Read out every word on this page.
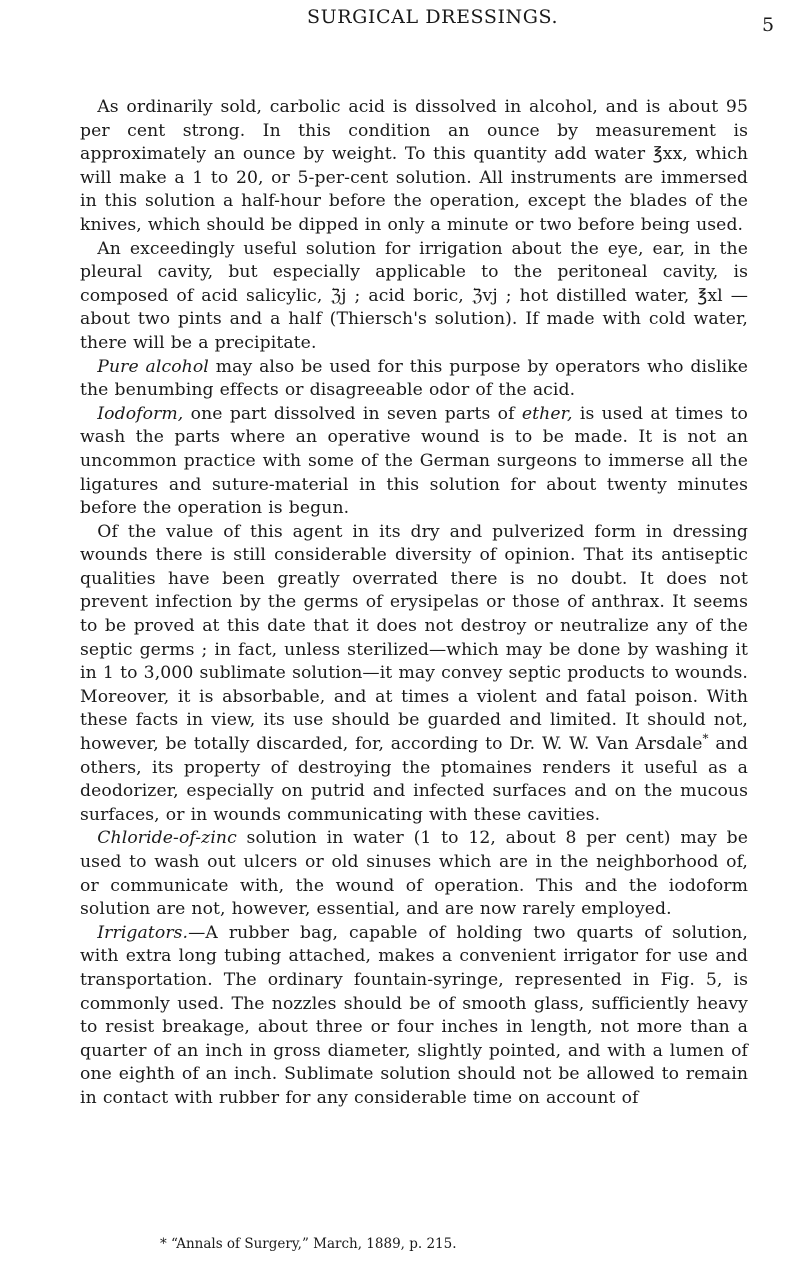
SURGICAL DRESSINGS.	5

 As ordinarily sold, carbolic acid is dissolved in alcohol, and is about 95 per cent strong. In this condition an ounce by measurement is approximately an ounce by weight. To this quantity add water ℥xx, which will make a 1 to 20, or 5-per-cent solution. All instruments are immersed in this solution a half-hour before the operation, except the blades of the knives, which should be dipped in only a minute or two before being used.

 An exceedingly useful solution for irrigation about the eye, ear, in the pleural cavity, but especially applicable to the peritoneal cavity, is composed of acid salicylic, ℨj ; acid boric, ℨvj ; hot distilled water, ℥xl —about two pints and a half (Thiersch's solution). If made with cold water, there will be a precipitate.

 Pure alcohol may also be used for this purpose by operators who dislike the benumbing effects or disagreeable odor of the acid.

 Iodoform, one part dissolved in seven parts of ether, is used at times to wash the parts where an operative wound is to be made. It is not an uncommon practice with some of the German surgeons to immerse all the ligatures and suture-material in this solution for about twenty minutes before the operation is begun.

 Of the value of this agent in its dry and pulverized form in dressing wounds there is still considerable diversity of opinion. That its antiseptic qualities have been greatly overrated there is no doubt. It does not prevent infection by the germs of erysipelas or those of anthrax. It seems to be proved at this date that it does not destroy or neutralize any of the septic germs ; in fact, unless sterilized—which may be done by washing it in 1 to 3,000 sublimate solution—it may convey septic products to wounds. Moreover, it is absorbable, and at times a violent and fatal poison. With these facts in view, its use should be guarded and limited. It should not, however, be totally discarded, for, according to Dr. W. W. Van Arsdale* and others, its property of destroying the ptomaines renders it useful as a deodorizer, especially on putrid and infected surfaces and on the mucous surfaces, or in wounds communicating with these cavities.

 Chloride-of-zinc solution in water (1 to 12, about 8 per cent) may be used to wash out ulcers or old sinuses which are in the neighborhood of, or communicate with, the wound of operation. This and the iodoform solution are not, however, essential, and are now rarely employed.

 Irrigators.—A rubber bag, capable of holding two quarts of solution, with extra long tubing attached, makes a convenient irrigator for use and transportation. The ordinary fountain-syringe, represented in Fig. 5, is commonly used. The nozzles should be of smooth glass, sufficiently heavy to resist breakage, about three or four inches in length, not more than a quarter of an inch in gross diameter, slightly pointed, and with a lumen of one eighth of an inch. Sublimate solution should not be allowed to remain in contact with rubber for any considerable time on account of

* “Annals of Surgery,” March, 1889, p. 215.
